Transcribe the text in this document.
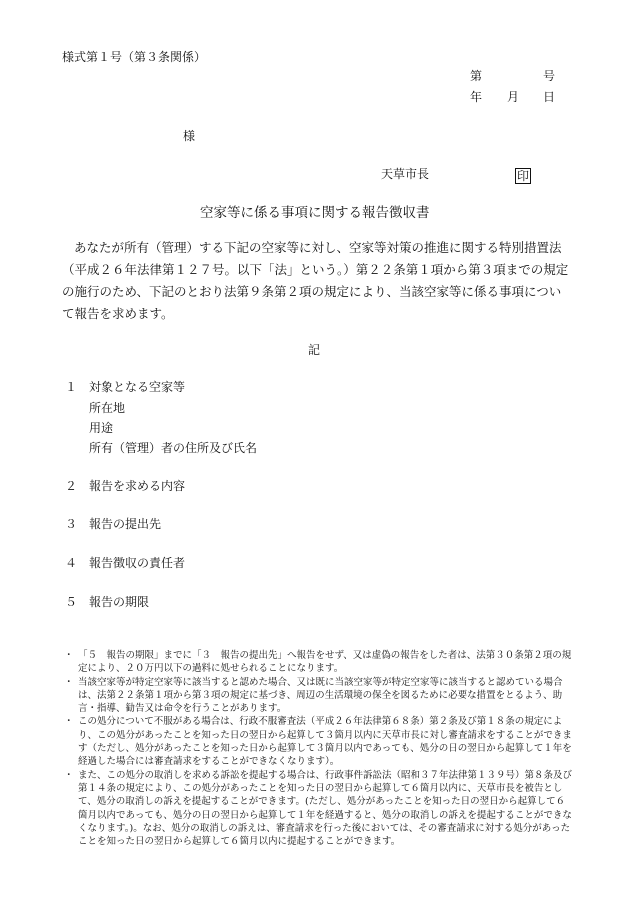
様式第１号（第３条関係）
第	号
年 月 日
様
天草市長	印
空家等に係る事項に関する報告徴収書
あなたが所有（管理）する下記の空家等に対し、空家等対策の推進に関する特別措置法（平成２６年法律第１２７号。以下「法」という。）第２２条第１項から第３項までの規定の施行のため、下記のとおり法第９条第２項の規定により、当該空家等に係る事項について報告を求めます。
記
１ 対象となる空家等
所在地
用途
所有（管理）者の住所及び氏名
２ 報告を求める内容
３ 報告の提出先
４ 報告徴収の責任者
５ 報告の期限
・ 「５　報告の期限」までに「３　報告の提出先」へ報告をせず、又は虚偽の報告をした者は、法第３０条第２項の規定により、２０万円以下の過料に処せられることになります。
・ 当該空家等が特定空家等に該当すると認めた場合、又は既に当該空家等が特定空家等に該当すると認めている場合は、法第２２条第１項から第３項の規定に基づき、周辺の生活環境の保全を図るために必要な措置をとるよう、助言・指導、勧告又は命令を行うことがあります。
・ この処分について不服がある場合は、行政不服審査法（平成２６年法律第６８条）第２条及び第１８条の規定により、この処分があったことを知った日の翌日から起算して３箇月以内に天草市長に対し審査請求をすることができます（ただし、処分があったことを知った日から起算して３箇月以内であっても、処分の日の翌日から起算して１年を経過した場合には審査請求をすることができなくなります）。
・ また、この処分の取消しを求める訴訟を提起する場合は、行政事件訴訟法（昭和３７年法律第１３９号）第８条及び第１４条の規定により、この処分があったことを知った日の翌日から起算して６箇月以内に、天草市長を被告として、処分の取消しの訴えを提起することができます。(ただし、処分があったことを知った日の翌日から起算して６箇月以内であっても、処分の日の翌日から起算して１年を経過すると、処分の取消しの訴えを提起することができなくなります。)。なお、処分の取消しの訴えは、審査請求を行った後においては、その審査請求に対する処分があったことを知った日の翌日から起算して６箇月以内に提起することができます。
